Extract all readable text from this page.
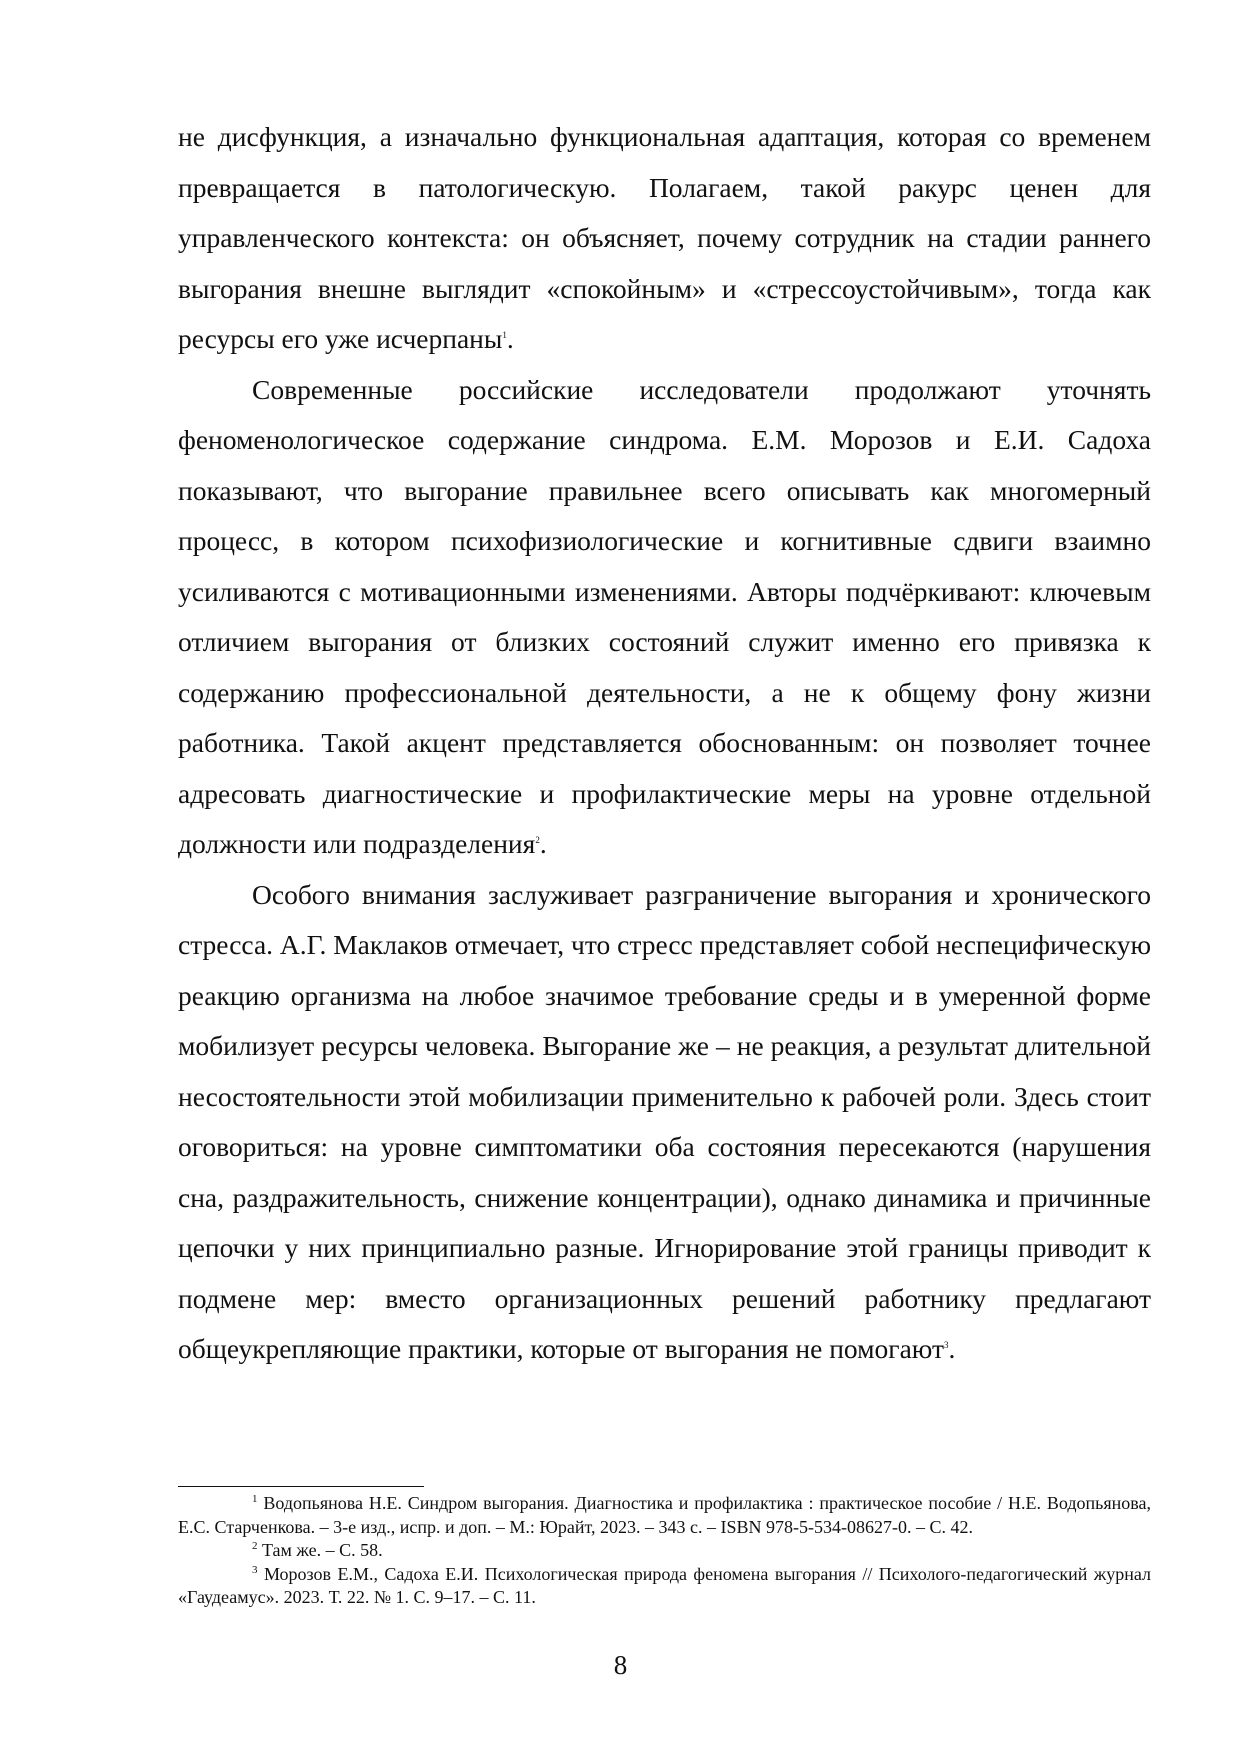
не дисфункция, а изначально функциональная адаптация, которая со временем превращается в патологическую. Полагаем, такой ракурс ценен для управленческого контекста: он объясняет, почему сотрудник на стадии раннего выгорания внешне выглядит «спокойным» и «стрессоустойчивым», тогда как ресурсы его уже исчерпаны$^1$.

Современные российские исследователи продолжают уточнять феноменологическое содержание синдрома. Е.М. Морозов и Е.И. Садоха показывают, что выгорание правильнее всего описывать как многомерный процесс, в котором психофизиологические и когнитивные сдвиги взаимно усиливаются с мотивационными изменениями. Авторы подчёркивают: ключевым отличием выгорания от близких состояний служит именно его привязка к содержанию профессиональной деятельности, а не к общему фону жизни работника. Такой акцент представляется обоснованным: он позволяет точнее адресовать диагностические и профилактические меры на уровне отдельной должности или подразделения$^2$.

Особого внимания заслуживает разграничение выгорания и хронического стресса. А.Г. Маклаков отмечает, что стресс представляет собой неспецифическую реакцию организма на любое значимое требование среды и в умеренной форме мобилизует ресурсы человека. Выгорание же – не реакция, а результат длительной несостоятельности этой мобилизации применительно к рабочей роли. Здесь стоит оговориться: на уровне симптоматики оба состояния пересекаются (нарушения сна, раздражительность, снижение концентрации), однако динамика и причинные цепочки у них принципиально разные. Игнорирование этой границы приводит к подмене мер: вместо организационных решений работнику предлагают общеукрепляющие практики, которые от выгорания не помогают$^3$.

$^1$ Водопьянова Н.Е. Синдром выгорания. Диагностика и профилактика : практическое пособие / Н.Е. Водопьянова, Е.С. Старченкова. – 3-е изд., испр. и доп. – М.: Юрайт, 2023. – 343 с. – ISBN 978-5-534-08627-0. – С. 42.

$^2$ Там же. – С. 58.

$^3$ Морозов Е.М., Садоха Е.И. Психологическая природа феномена выгорания // Психолого-педагогический журнал «Гаудеамус». 2023. Т. 22. № 1. С. 9–17. – С. 11.

8
